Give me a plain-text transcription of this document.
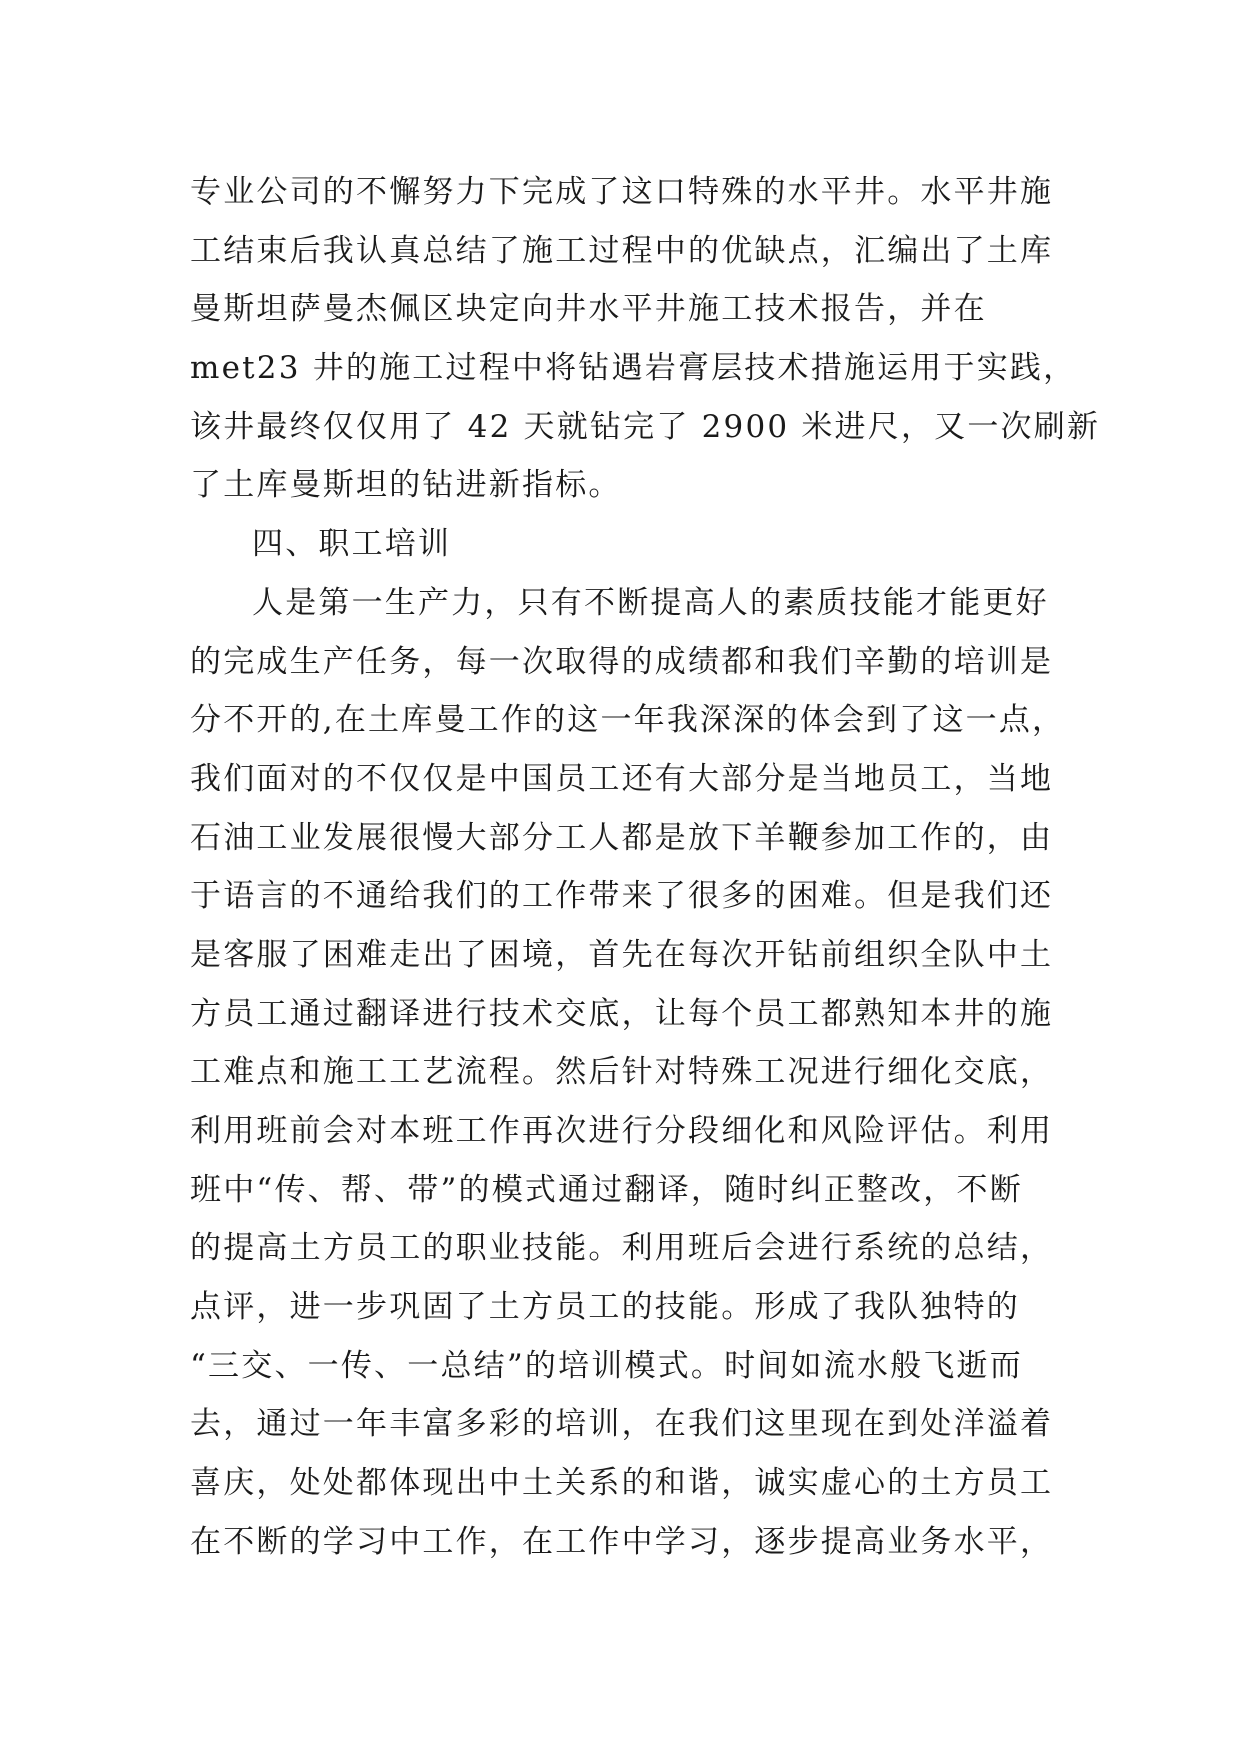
专业公司的不懈努力下完成了这口特殊的水平井。水平井施
工结束后我认真总结了施工过程中的优缺点，汇编出了土库
曼斯坦萨曼杰佩区块定向井水平井施工技术报告，并在
met23 井的施工过程中将钻遇岩膏层技术措施运用于实践，
该井最终仅仅用了 42 天就钻完了 2900 米进尺，又一次刷新
了土库曼斯坦的钻进新指标。
四、职工培训
人是第一生产力，只有不断提高人的素质技能才能更好
的完成生产任务，每一次取得的成绩都和我们辛勤的培训是
分不开的,在土库曼工作的这一年我深深的体会到了这一点，
我们面对的不仅仅是中国员工还有大部分是当地员工，当地
石油工业发展很慢大部分工人都是放下羊鞭参加工作的，由
于语言的不通给我们的工作带来了很多的困难。但是我们还
是客服了困难走出了困境，首先在每次开钻前组织全队中土
方员工通过翻译进行技术交底，让每个员工都熟知本井的施
工难点和施工工艺流程。然后针对特殊工况进行细化交底，
利用班前会对本班工作再次进行分段细化和风险评估。利用
班中“传、帮、带”的模式通过翻译，随时纠正整改，不断
的提高土方员工的职业技能。利用班后会进行系统的总结，
点评，进一步巩固了土方员工的技能。形成了我队独特的
“三交、一传、一总结”的培训模式。时间如流水般飞逝而
去，通过一年丰富多彩的培训，在我们这里现在到处洋溢着
喜庆，处处都体现出中土关系的和谐，诚实虚心的土方员工
在不断的学习中工作，在工作中学习，逐步提高业务水平，
